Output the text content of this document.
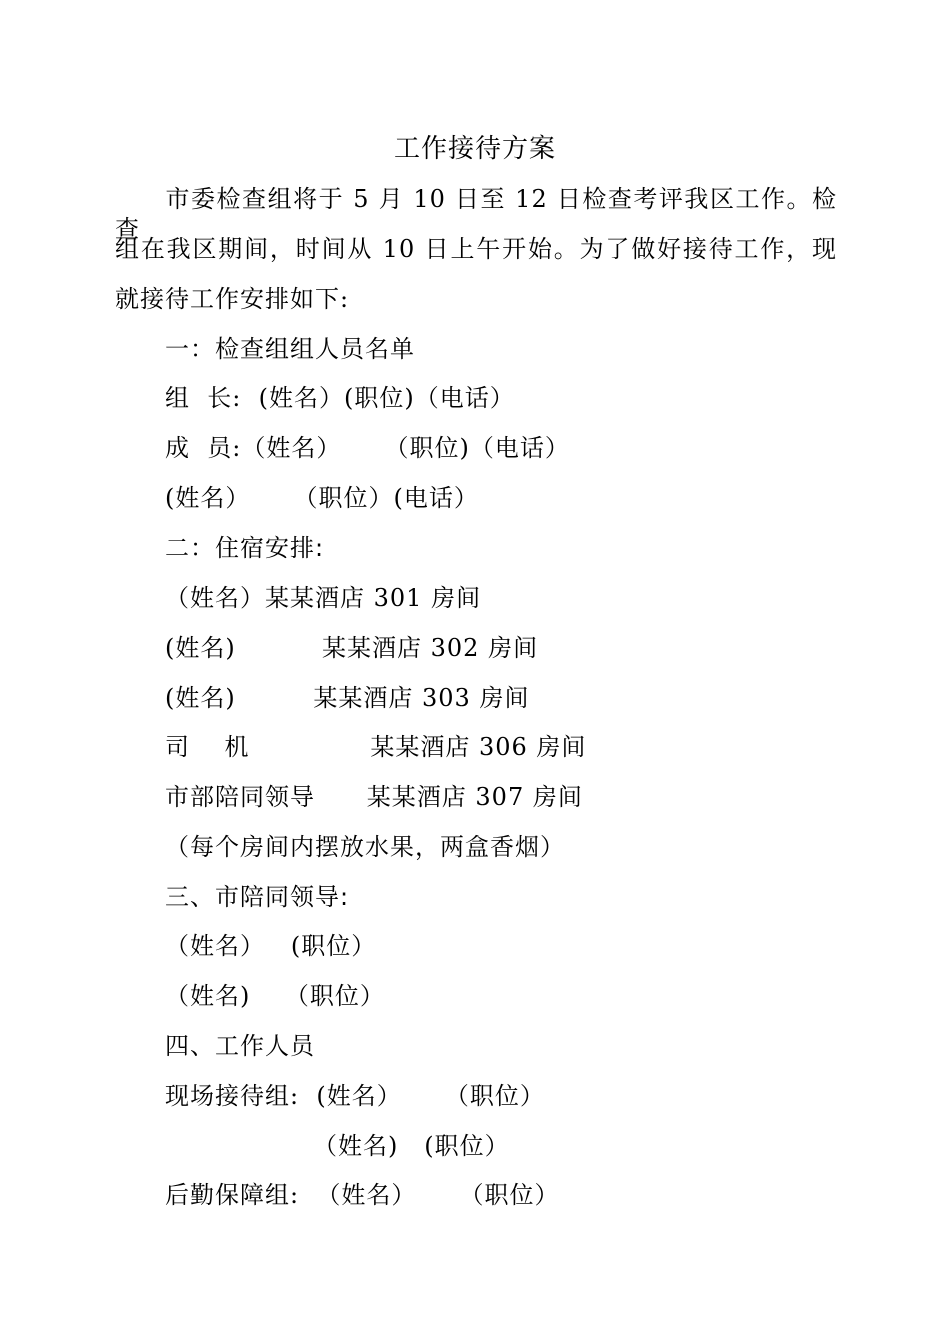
工作接待方案
市委检查组将于 5 月 10 日至 12 日检查考评我区工作。检查
组在我区期间，时间从 10 日上午开始。为了做好接待工作，现
就接待工作安排如下:
一：检查组组人员名单
组  长:  (姓名）(职位)（电话）
成  员:（姓名）     （职位)（电话）
(姓名）     （职位）(电话）
二：住宿安排:
（姓名）某某酒店 301 房间
(姓名)          某某酒店 302 房间
(姓名)         某某酒店 303 房间
司    机              某某酒店 306 房间
市部陪同领导      某某酒店 307 房间
（每个房间内摆放水果，两盒香烟）
三、市陪同领导:
（姓名）   (职位）
（姓名)    （职位）
四、工作人员
现场接待组:  (姓名）     （职位）
（姓名)   (职位）
后勤保障组:  （姓名）     （职位）
